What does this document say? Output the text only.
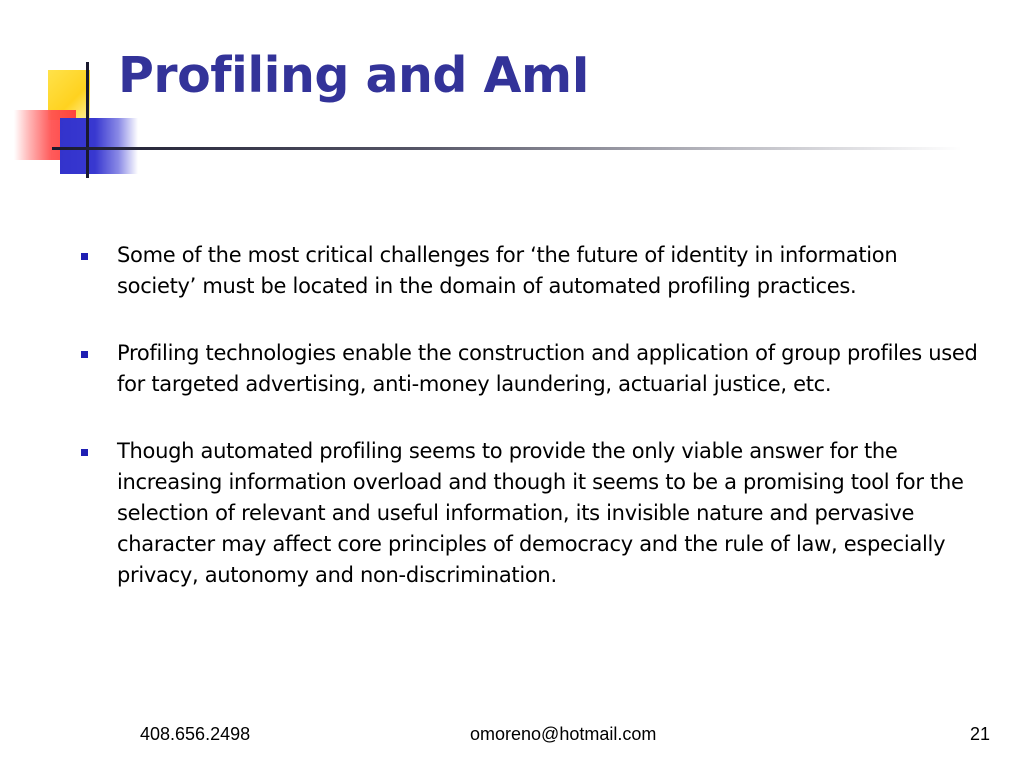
Profiling and AmI
Some of the most critical challenges for ‘the future of identity in information society’ must be located in the domain of automated profiling practices.
Profiling technologies enable the construction and application of group profiles used for targeted advertising, anti-money laundering, actuarial justice, etc.
Though automated profiling seems to provide the only viable answer for the increasing information overload and though it seems to be a promising tool for the selection of relevant and useful information, its invisible nature and pervasive character may affect core principles of democracy and the rule of law, especially privacy, autonomy and non-discrimination.
408.656.2498	omoreno@hotmail.com	21
